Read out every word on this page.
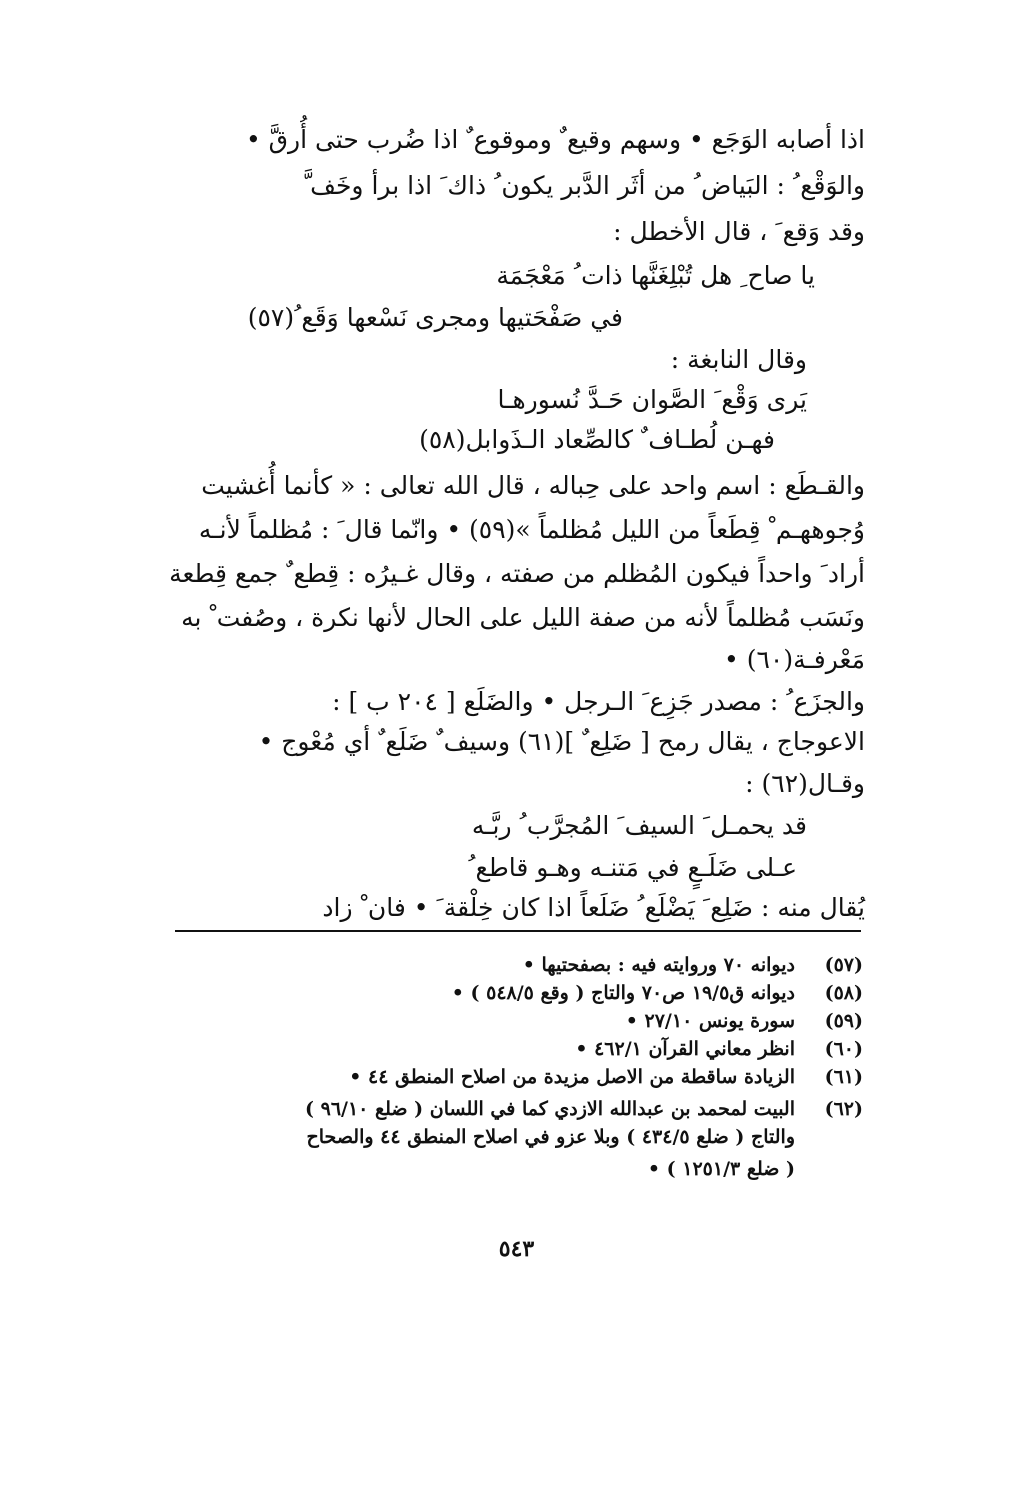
اذا أصابه الوَجَع • وسهم وقيع ٌ وموقوع ٌ اذا ضُرب حتى أُرقَّ •
والوَقْع ُ : البَياض ُ من أثَر الدَّبر يكون ُ ذاك َ اذا برأ وخَف َّ
وقد وَقع َ ، قال الأخطل :
يا صاح ِ هل تُبْلِغَنَّها ذات ُ مَعْجَمَة
في صَفْحَتيها ومجرى نَسْعها وَقَع ُ(٥٧)
وقال النابغة :
يَرى وَقْع َ الصَّوان حَـدَّ نُسورهـا
فهـن لُطـاف ٌ كالصِّعاد الـذَوابل(٥٨)
والقـطَع : اسم واحد على حِباله ، قال الله تعالى : « كأنما أُغشيت
وُجوههـم ْ قِطَعاً من الليل مُظلماً »(٥٩) • وانّما قال َ : مُظلماً لأنـه
أراد َ واحداً فيكون المُظلم من صفته ، وقال غـيرُه : قِطع ٌ جمع قِطعة
ونَسَب مُظلماً لأنه من صفة الليل على الحال لأنها نكرة ، وصُفت ْ به
مَعْرفـة(٦٠) •
والجزَع ُ : مصدر جَزِع َ الـرجل • والضَلَع [ ٢٠٤ ب ] :
الاعوجاج ، يقال رمح [ ضَلِع ٌ ](٦١) وسيف ٌ ضَلَع ٌ أي مُعْوج •
وقـال(٦٢) :
قد يحمـل َ السيف َ المُجرَّب ُ ربَّـه
عـلى ضَلَـعٍ في مَتنـه وهـو قاطع ُ
يُقال منه : ضَلِع َ يَضْلَع ُ ضَلَعاً اذا كان خِلْقة َ • فان ْ زاد
(٥٧)ديوانه ٧٠ وروايته فيه : بصفحتيها •
(٥٨)ديوانه ق١٩/٥ ص٧٠ والتاج ( وقع ٥٤٨/٥ ) •
(٥٩)سورة يونس ٢٧/١٠ •
(٦٠)انظر معاني القرآن ٤٦٢/١ •
(٦١)الزيادة ساقطة من الاصل مزيدة من اصلاح المنطق ٤٤ •
(٦٢)البيت لمحمد بن عبدالله الازدي كما في اللسان ( ضلع ٩٦/١٠ )
والتاج ( ضلع ٤٣٤/٥ ) وبلا عزو في اصلاح المنطق ٤٤ والصحاح
( ضلع ١٢٥١/٣ ) •
٥٤٣
